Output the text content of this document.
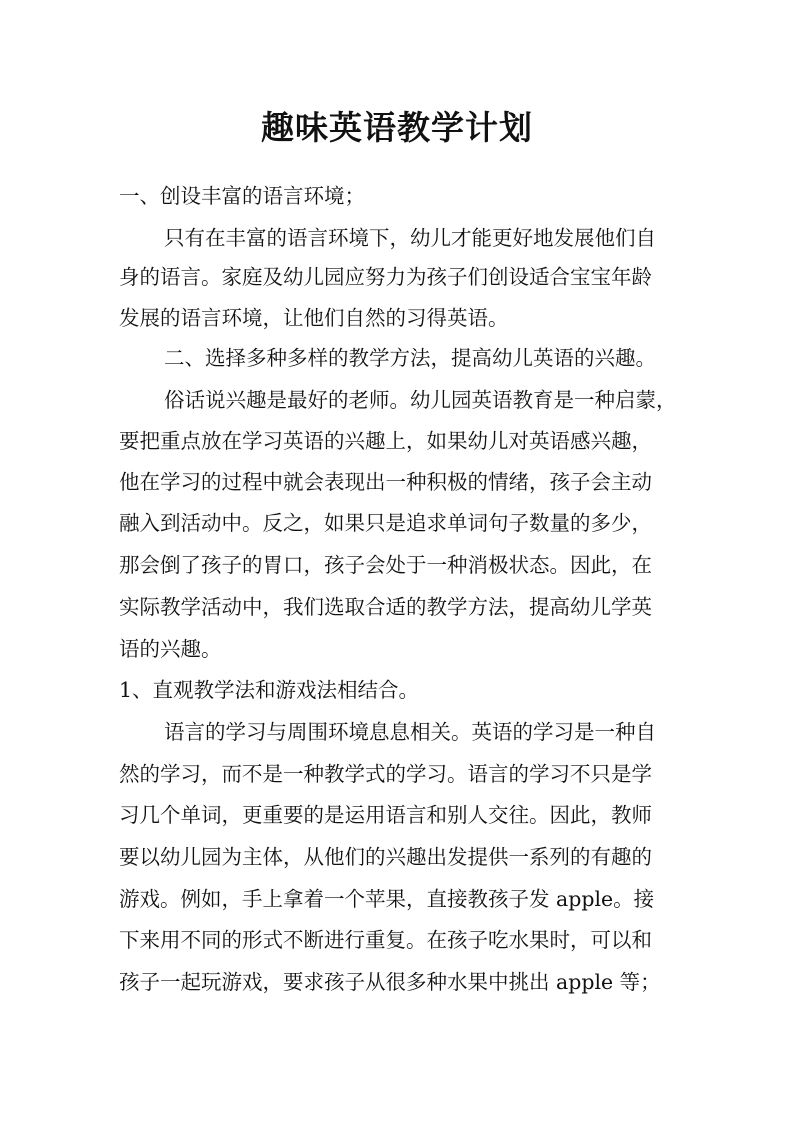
趣味英语教学计划

一、创设丰富的语言环境；

只有在丰富的语言环境下，幼儿才能更好地发展他们自

身的语言。家庭及幼儿园应努力为孩子们创设适合宝宝年龄

发展的语言环境，让他们自然的习得英语。

二、选择多种多样的教学方法，提高幼儿英语的兴趣。

俗话说兴趣是最好的老师。幼儿园英语教育是一种启蒙，

要把重点放在学习英语的兴趣上，如果幼儿对英语感兴趣，

他在学习的过程中就会表现出一种积极的情绪，孩子会主动

融入到活动中。反之，如果只是追求单词句子数量的多少，

那会倒了孩子的胃口，孩子会处于一种消极状态。因此，在

实际教学活动中，我们选取合适的教学方法，提高幼儿学英

语的兴趣。

1、直观教学法和游戏法相结合。

语言的学习与周围环境息息相关。英语的学习是一种自

然的学习，而不是一种教学式的学习。语言的学习不只是学

习几个单词，更重要的是运用语言和别人交往。因此，教师

要以幼儿园为主体，从他们的兴趣出发提供一系列的有趣的

游戏。例如，手上拿着一个苹果，直接教孩子发 apple。接

下来用不同的形式不断进行重复。在孩子吃水果时，可以和

孩子一起玩游戏，要求孩子从很多种水果中挑出 apple 等；
